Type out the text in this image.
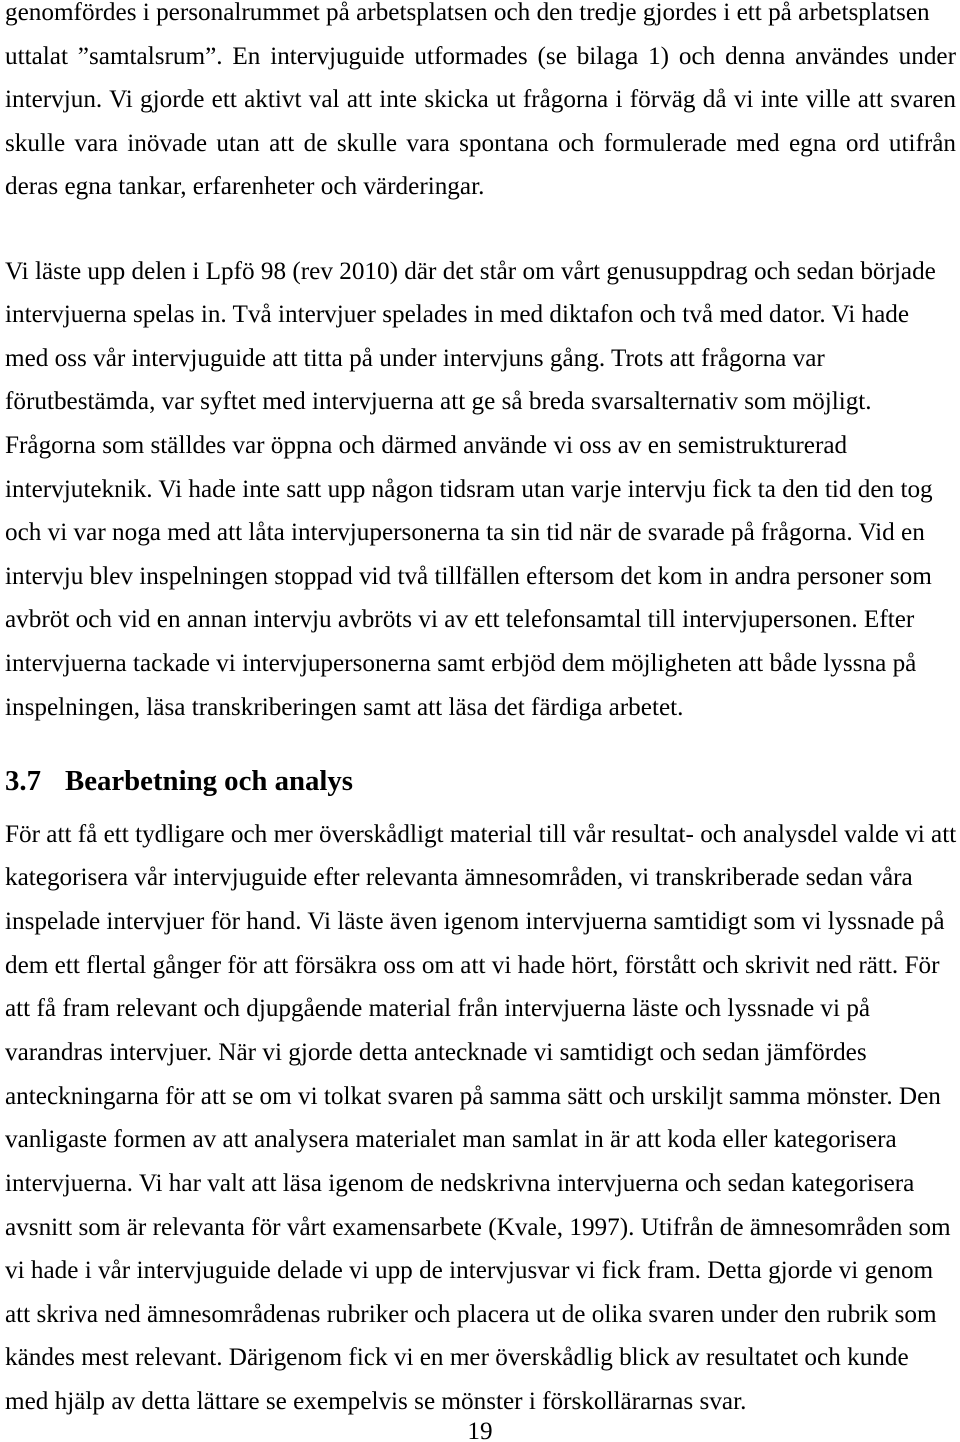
genomfördes i personalrummet på arbetsplatsen och den tredje gjordes i ett på arbetsplatsen
uttalat ”samtalsrum”. En intervjuguide utformades (se bilaga 1) och denna användes under
intervjun. Vi gjorde ett aktivt val att inte skicka ut frågorna i förväg då vi inte ville att svaren
skulle vara inövade utan att de skulle vara spontana och formulerade med egna ord utifrån
deras egna tankar, erfarenheter och värderingar.
Vi läste upp delen i Lpfö 98 (rev 2010) där det står om vårt genusuppdrag och sedan började
intervjuerna spelas in. Två intervjuer spelades in med diktafon och två med dator. Vi hade
med oss vår intervjuguide att titta på under intervjuns gång. Trots att frågorna var
förutbestämda, var syftet med intervjuerna att ge så breda svarsalternativ som möjligt.
Frågorna som ställdes var öppna och därmed använde vi oss av en semistrukturerad
intervjuteknik. Vi hade inte satt upp någon tidsram utan varje intervju fick ta den tid den tog
och vi var noga med att låta intervjupersonerna ta sin tid när de svarade på frågorna. Vid en
intervju blev inspelningen stoppad vid två tillfällen eftersom det kom in andra personer som
avbröt och vid en annan intervju avbröts vi av ett telefonsamtal till intervjupersonen. Efter
intervjuerna tackade vi intervjupersonerna samt erbjöd dem möjligheten att både lyssna på
inspelningen, läsa transkriberingen samt att läsa det färdiga arbetet.
3.7 Bearbetning och analys
För att få ett tydligare och mer överskådligt material till vår resultat- och analysdel valde vi att
kategorisera vår intervjuguide efter relevanta ämnesområden, vi transkriberade sedan våra
inspelade intervjuer för hand. Vi läste även igenom intervjuerna samtidigt som vi lyssnade på
dem ett flertal gånger för att försäkra oss om att vi hade hört, förstått och skrivit ned rätt. För
att få fram relevant och djupgående material från intervjuerna läste och lyssnade vi på
varandras intervjuer. När vi gjorde detta antecknade vi samtidigt och sedan jämfördes
anteckningarna för att se om vi tolkat svaren på samma sätt och urskiljt samma mönster. Den
vanligaste formen av att analysera materialet man samlat in är att koda eller kategorisera
intervjuerna. Vi har valt att läsa igenom de nedskrivna intervjuerna och sedan kategorisera
avsnitt som är relevanta för vårt examensarbete (Kvale, 1997). Utifrån de ämnesområden som
vi hade i vår intervjuguide delade vi upp de intervjusvar vi fick fram. Detta gjorde vi genom
att skriva ned ämnesområdenas rubriker och placera ut de olika svaren under den rubrik som
kändes mest relevant. Därigenom fick vi en mer överskådlig blick av resultatet och kunde
med hjälp av detta lättare se exempelvis se mönster i förskollärarnas svar.
19
